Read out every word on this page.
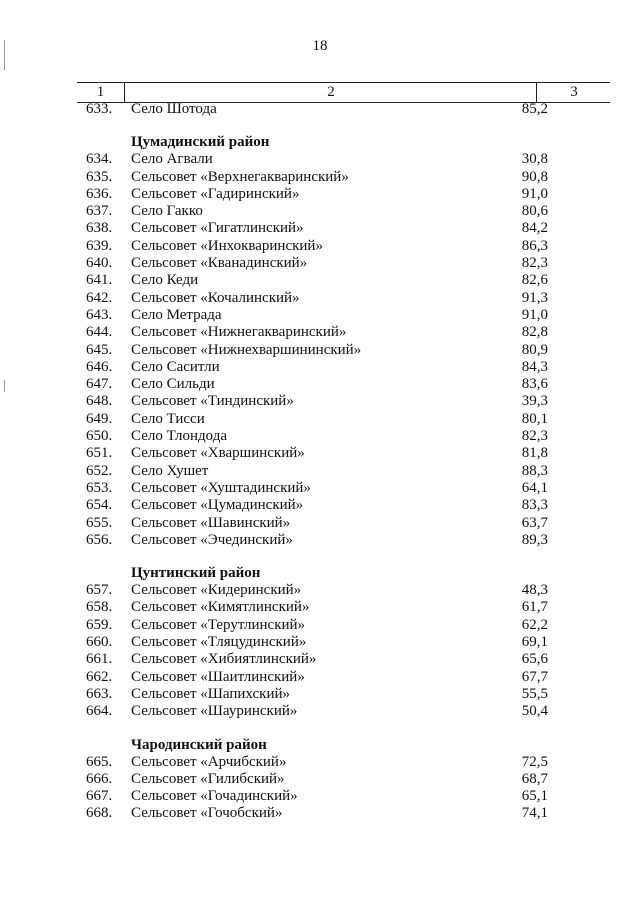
18
1	2	3
633.	Село Шотода	85,2
Цумадинский район
634.	Село Агвали	30,8
635.	Сельсовет «Верхнегакваринский»	90,8
636.	Сельсовет «Гадиринский»	91,0
637.	Село Гакко	80,6
638.	Сельсовет «Гигатлинский»	84,2
639.	Сельсовет «Инхокваринский»	86,3
640.	Сельсовет «Кванадинский»	82,3
641.	Село Кеди	82,6
642.	Сельсовет «Кочалинский»	91,3
643.	Село Метрада	91,0
644.	Сельсовет «Нижнегакваринский»	82,8
645.	Сельсовет «Нижнехваршининский»	80,9
646.	Село Саситли	84,3
647.	Село Сильди	83,6
648.	Сельсовет «Тиндинский»	39,3
649.	Село Тисси	80,1
650.	Село Тлондода	82,3
651.	Сельсовет «Хваршинский»	81,8
652.	Село Хушет	88,3
653.	Сельсовет «Хуштадинский»	64,1
654.	Сельсовет «Цумадинский»	83,3
655.	Сельсовет «Шавинский»	63,7
656.	Сельсовет «Эчединский»	89,3
Цунтинский район
657.	Сельсовет «Кидеринский»	48,3
658.	Сельсовет «Кимятлинский»	61,7
659.	Сельсовет «Терутлинский»	62,2
660.	Сельсовет «Тляцудинский»	69,1
661.	Сельсовет «Хибиятлинский»	65,6
662.	Сельсовет «Шаитлинский»	67,7
663.	Сельсовет «Шапихский»	55,5
664.	Сельсовет «Шауринский»	50,4
Чародинский район
665.	Сельсовет «Арчибский»	72,5
666.	Сельсовет «Гилибский»	68,7
667.	Сельсовет «Гочадинский»	65,1
668.	Сельсовет «Гочобский»	74,1
